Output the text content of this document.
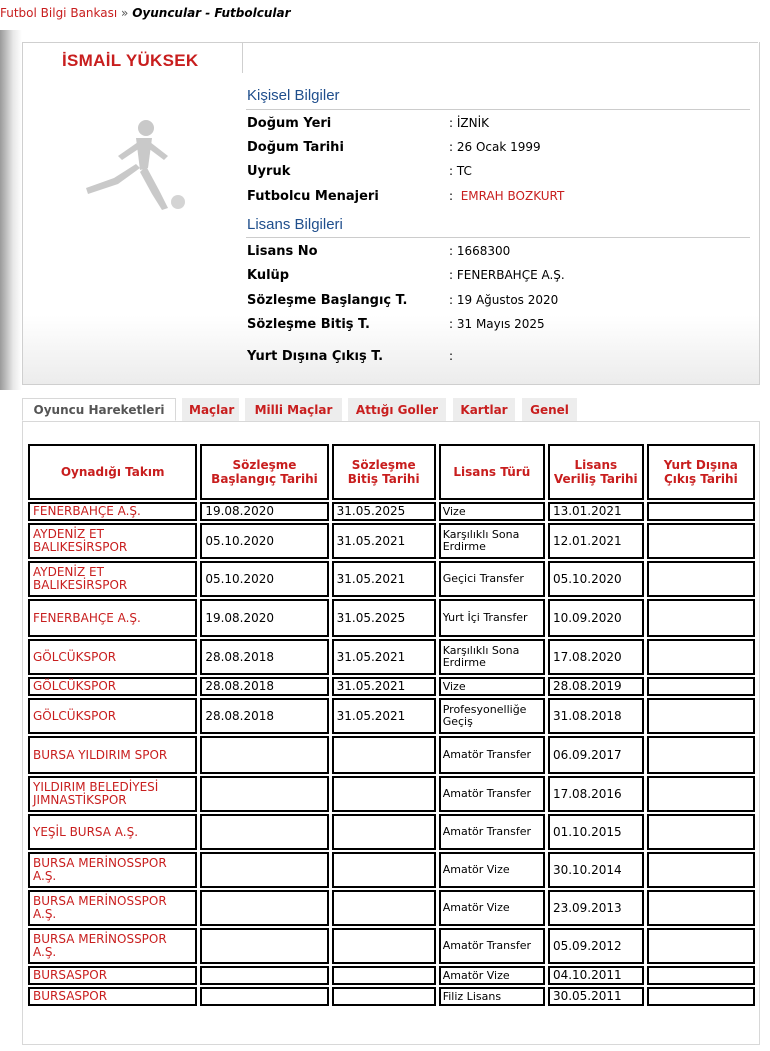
Futbol Bilgi Bankası » Oyuncular - Futbolcular
İSMAİL YÜKSEK
Kişisel Bilgiler
Doğum Yeri	: İZNİK
Doğum Tarihi	: 26 Ocak 1999
Uyruk	: TC
Futbolcu Menajeri	: EMRAH BOZKURT
Lisans Bilgileri
Lisans No	: 1668300
Kulüp	: FENERBAHÇE A.Ş.
Sözleşme Başlangıç T.	: 19 Ağustos 2020
Sözleşme Bitiş T.	: 31 Mayıs 2025
Yurt Dışına Çıkış T.	:
Oyuncu Hareketleri	Maçlar	Milli Maçlar	Attığı Goller	Kartlar	Genel
Oynadığı Takım	Sözleşme Başlangıç Tarihi	Sözleşme Bitiş Tarihi	Lisans Türü	Lisans Veriliş Tarihi	Yurt Dışına Çıkış Tarihi
FENERBAHÇE A.Ş.	19.08.2020	31.05.2025	Vize	13.01.2021	
AYDENİZ ET BALIKESİRSPOR	05.10.2020	31.05.2021	Karşılıklı Sona Erdirme	12.01.2021	
AYDENİZ ET BALIKESİRSPOR	05.10.2020	31.05.2021	Geçici Transfer	05.10.2020	
FENERBAHÇE A.Ş.	19.08.2020	31.05.2025	Yurt İçi Transfer	10.09.2020	
GÖLCÜKSPOR	28.08.2018	31.05.2021	Karşılıklı Sona Erdirme	17.08.2020	
GÖLCÜKSPOR	28.08.2018	31.05.2021	Vize	28.08.2019	
GÖLCÜKSPOR	28.08.2018	31.05.2021	Profesyonelliğe Geçiş	31.08.2018	
BURSA YILDIRIM SPOR			Amatör Transfer	06.09.2017	
YILDIRIM BELEDİYESİ JIMNASTİKSPOR			Amatör Transfer	17.08.2016	
YEŞİL BURSA A.Ş.			Amatör Transfer	01.10.2015	
BURSA MERİNOSSPOR A.Ş.			Amatör Vize	30.10.2014	
BURSA MERİNOSSPOR A.Ş.			Amatör Vize	23.09.2013	
BURSA MERİNOSSPOR A.Ş.			Amatör Transfer	05.09.2012	
BURSASPOR			Amatör Vize	04.10.2011	
BURSASPOR			Filiz Lisans	30.05.2011	
